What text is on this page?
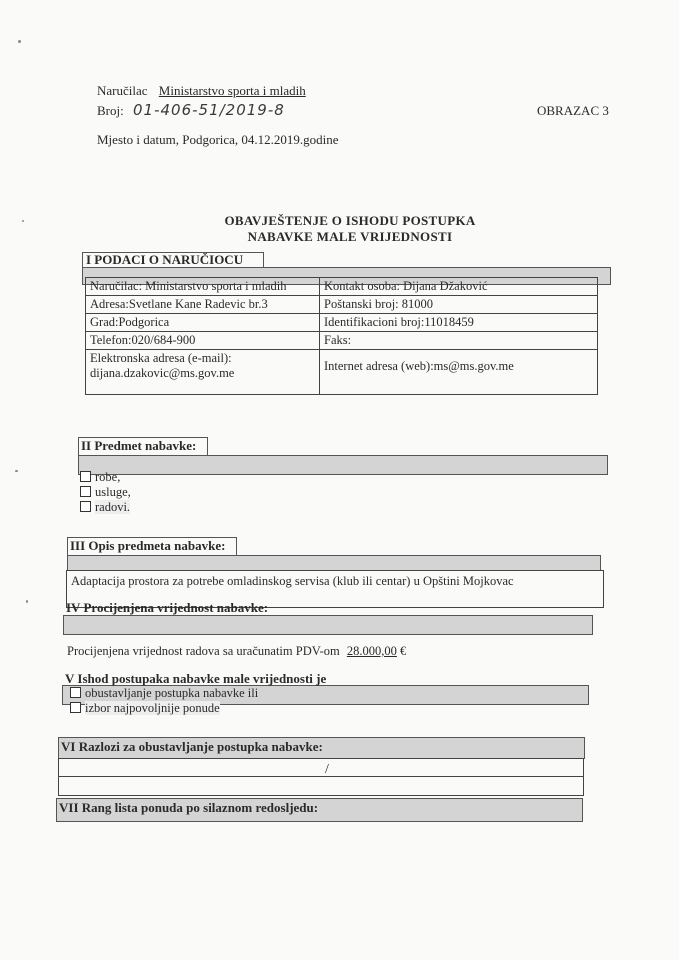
Naručilac Ministarstvo sporta i mladih
Broj: 01-406-51/2019-8
Mjesto i datum, Podgorica, 04.12.2019.godine
OBRAZAC 3
OBAVJEŠTENJE O ISHODU POSTUPKA
NABAVKE MALE VRIJEDNOSTI
I PODACI O NARUČIOCU
Naručilac: Ministarstvo sporta i mladih	Kontakt osoba: Dijana Džaković
Adresa:Svetlane Kane Radevic br.3	Poštanski broj: 81000
Grad:Podgorica	Identifikacioni broj:11018459
Telefon:020/684-900	Faks:

Elektronska adresa (e-mail):
dijana.dzakovic@ms.gov.me	Internet adresa (web):ms@ms.gov.me
II Predmet nabavke:
robe,
usluge,
radovi.
III Opis predmeta nabavke:
Adaptacija prostora za potrebe omladinskog servisa (klub ili centar) u Opštini Mojkovac
IV Procijenjena vrijednost nabavke:
Procijenjena vrijednost radova sa uračunatim PDV-om 28.000,00 €
V Ishod postupaka nabavke male vrijednosti je
obustavljanje postupka nabavke ili
izbor najpovoljnije ponude
VI Razlozi za obustavljanje postupka nabavke:
/
VII Rang lista ponuda po silaznom redosljedu:
